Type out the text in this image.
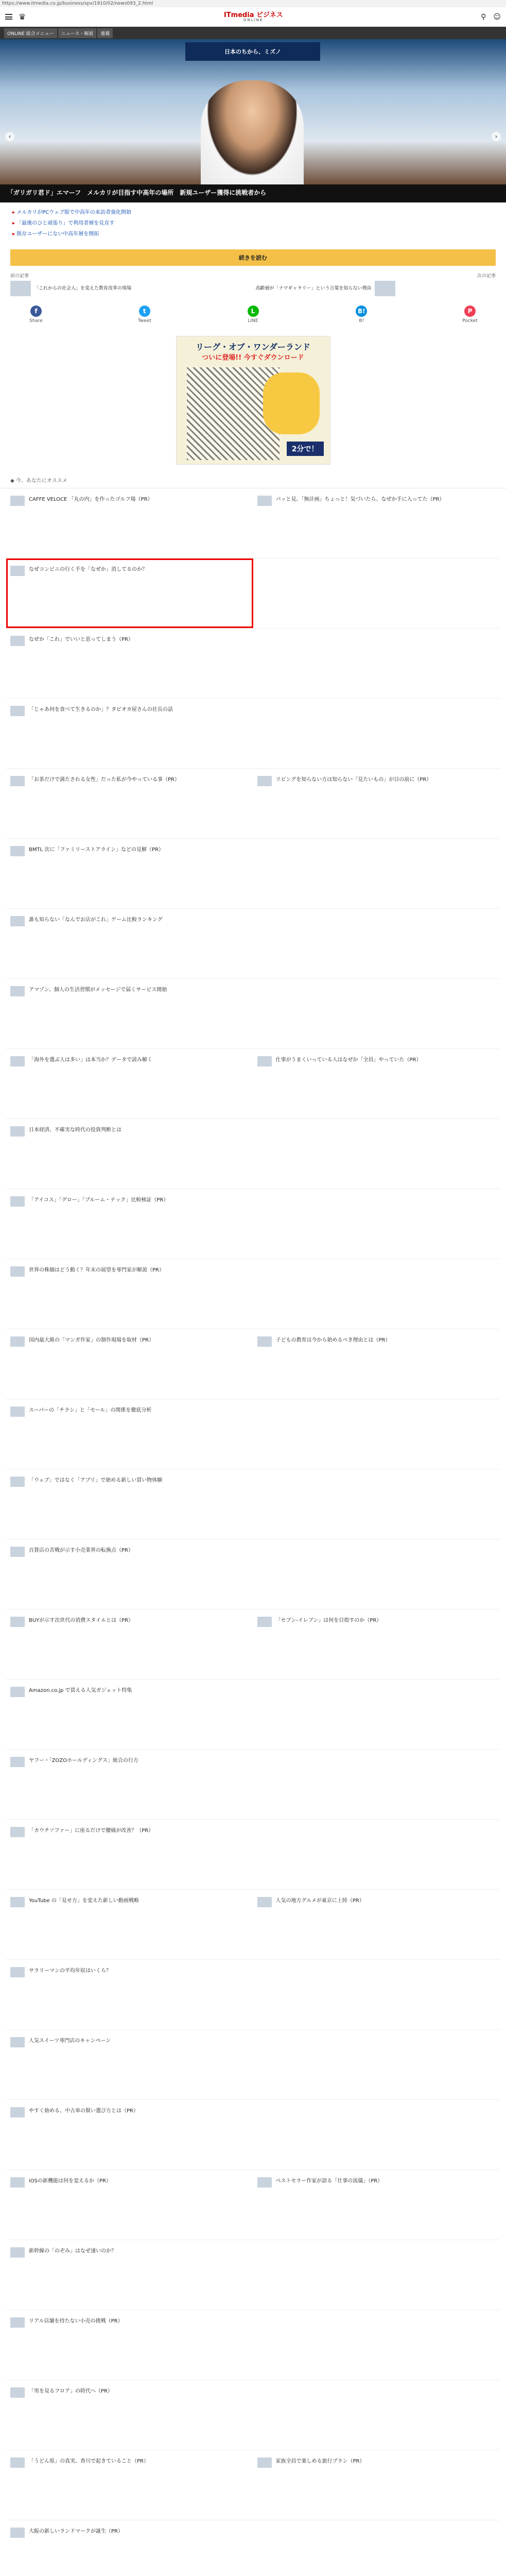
https://www.itmedia.co.jp/business/spv/1910/02/news093_2.html
♛	ITmedia ビジネス
ONLINE	⚲ ☺
ONLINE 総合メニュー	ニュース・解説	連載
日本のちから、ミズノ
‹	›
「ガリガリ君ド」エマーフ　メルカリが目指す中高年の場所　新規ユーザー獲得に挑戦者から
▸ メルカリがPCウェブ版で中高年の来訪者強化開始
▸ 「最後のひと頑張り」で利用者層を見直す
▸ 既存ユーザーにない中高年層を開拓
続きを読む
前の記事
「これからの社会人」を変えた教育改革の現場
次の記事
高齢層が「ナマギャラリー」という言葉を知らない理由
f
Share
t
Tweet
L
LINE
B!
B!
P
Pocket
リーグ・オブ・ワンダーランド
ついに登場!! 今すぐダウンロード
2分で！
◆ 今、あなたにオススメ
CAFFE VELOCE 「丸の内」を作ったゴルフ場（PR）	パッと見、「無計画」ちょっと！気づいたら、なぜか手に入ってた（PR）
なぜコンビニの行く手を「なぜか」消してるのか？
なぜか「これ」でいいと思ってしまう（PR）
「じゃあ何を食べて生きるのか」？タピオカ屋さんの社長の話
「お茶だけで満たされる女性」だった私が今やっている事（PR）	リビングを知らない方は知らない「見たいもの」が目の前に（PR）
BMTL 次に「ファミリーストアライン」などの見解（PR）
誰も知らない「なんでお店がこれ」ゲーム比較ランキング
アマゾン、個人の生活習慣がメッセージで届くサービス開始
「海外を選ぶ人は多い」は本当か？データで読み解く	仕事がうまくいっている人はなぜか「全員」やっていた（PR）
日本経済、不確実な時代の投資判断とは
「アイコス」「グロー」「プルーム・テック」比較検証（PR）
世界の株価はどう動く？年末の展望を専門家が解説（PR）
国内最大級の「マンガ作家」の制作現場を取材（PR）	子どもの教育は今から始めるべき理由とは（PR）
スーパーの「チラシ」と「セール」の関係を徹底分析
「ウェブ」ではなく「アプリ」で始める新しい買い物体験
百貨店の苦戦が示す小売業界の転換点（PR）
BUYが示す次世代の消費スタイルとは（PR）	「セブン-イレブン」は何を目指すのか（PR）
Amazon.co.jp で買える人気ガジェット特集
ヤフー・「ZOZOホールディングス」統合の行方
「カウチソファー」に座るだけで腰痛が改善？（PR）
YouTube の「見せ方」を変えた新しい動画戦略	人気の地方グルメが東京に上陸（PR）
サラリーマンの平均年収はいくら？
人気スイーツ専門店のキャンペーン
やすく始める、中古車の賢い選び方とは（PR）
iOSの新機能は何を変えるか（PR）	ベストセラー作家が語る「仕事の流儀」（PR）
新幹線の「のぞみ」はなぜ速いのか？
リアル店舗を持たない小売の挑戦（PR）
「男を見るフロア」の時代へ（PR）
「うどん県」の真実、香川で起きていること（PR）	家族全員で楽しめる旅行プラン（PR）
大阪の新しいランドマークが誕生（PR）
